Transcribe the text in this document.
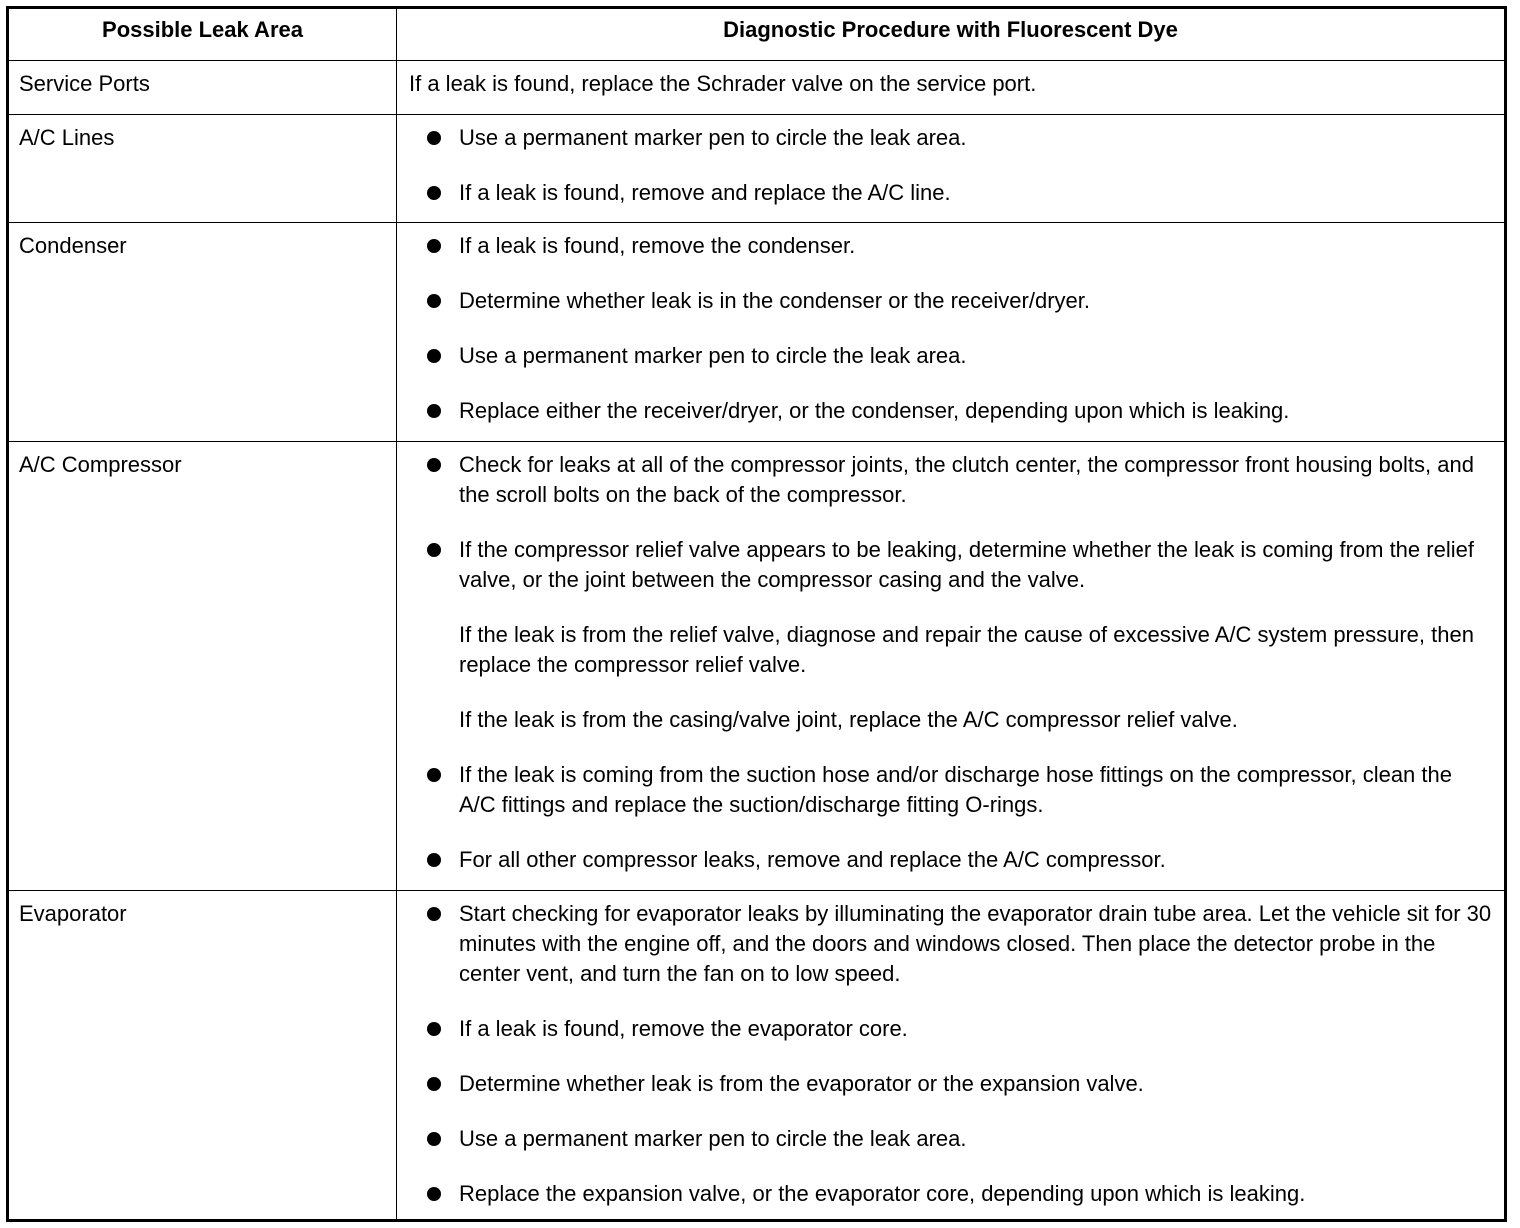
Possible Leak Area	Diagnostic Procedure with Fluorescent Dye
Service Ports	If a leak is found, replace the Schrader valve on the service port.
A/C Lines	Use a permanent marker pen to circle the leak area.
If a leak is found, remove and replace the A/C line.
Condenser	If a leak is found, remove the condenser.
Determine whether leak is in the condenser or the receiver/dryer.
Use a permanent marker pen to circle the leak area.
Replace either the receiver/dryer, or the condenser, depending upon which is leaking.
A/C Compressor	Check for leaks at all of the compressor joints, the clutch center, the compressor front housing bolts, and the scroll bolts on the back of the compressor.
If the compressor relief valve appears to be leaking, determine whether the leak is coming from the relief valve, or the joint between the compressor casing and the valve.
If the leak is from the relief valve, diagnose and repair the cause of excessive A/C system pressure, then replace the compressor relief valve.
If the leak is from the casing/valve joint, replace the A/C compressor relief valve.
If the leak is coming from the suction hose and/or discharge hose fittings on the compressor, clean the A/C fittings and replace the suction/discharge fitting O-rings.
For all other compressor leaks, remove and replace the A/C compressor.
Evaporator	Start checking for evaporator leaks by illuminating the evaporator drain tube area. Let the vehicle sit for 30 minutes with the engine off, and the doors and windows closed. Then place the detector probe in the center vent, and turn the fan on to low speed.
If a leak is found, remove the evaporator core.
Determine whether leak is from the evaporator or the expansion valve.
Use a permanent marker pen to circle the leak area.
Replace the expansion valve, or the evaporator core, depending upon which is leaking.
